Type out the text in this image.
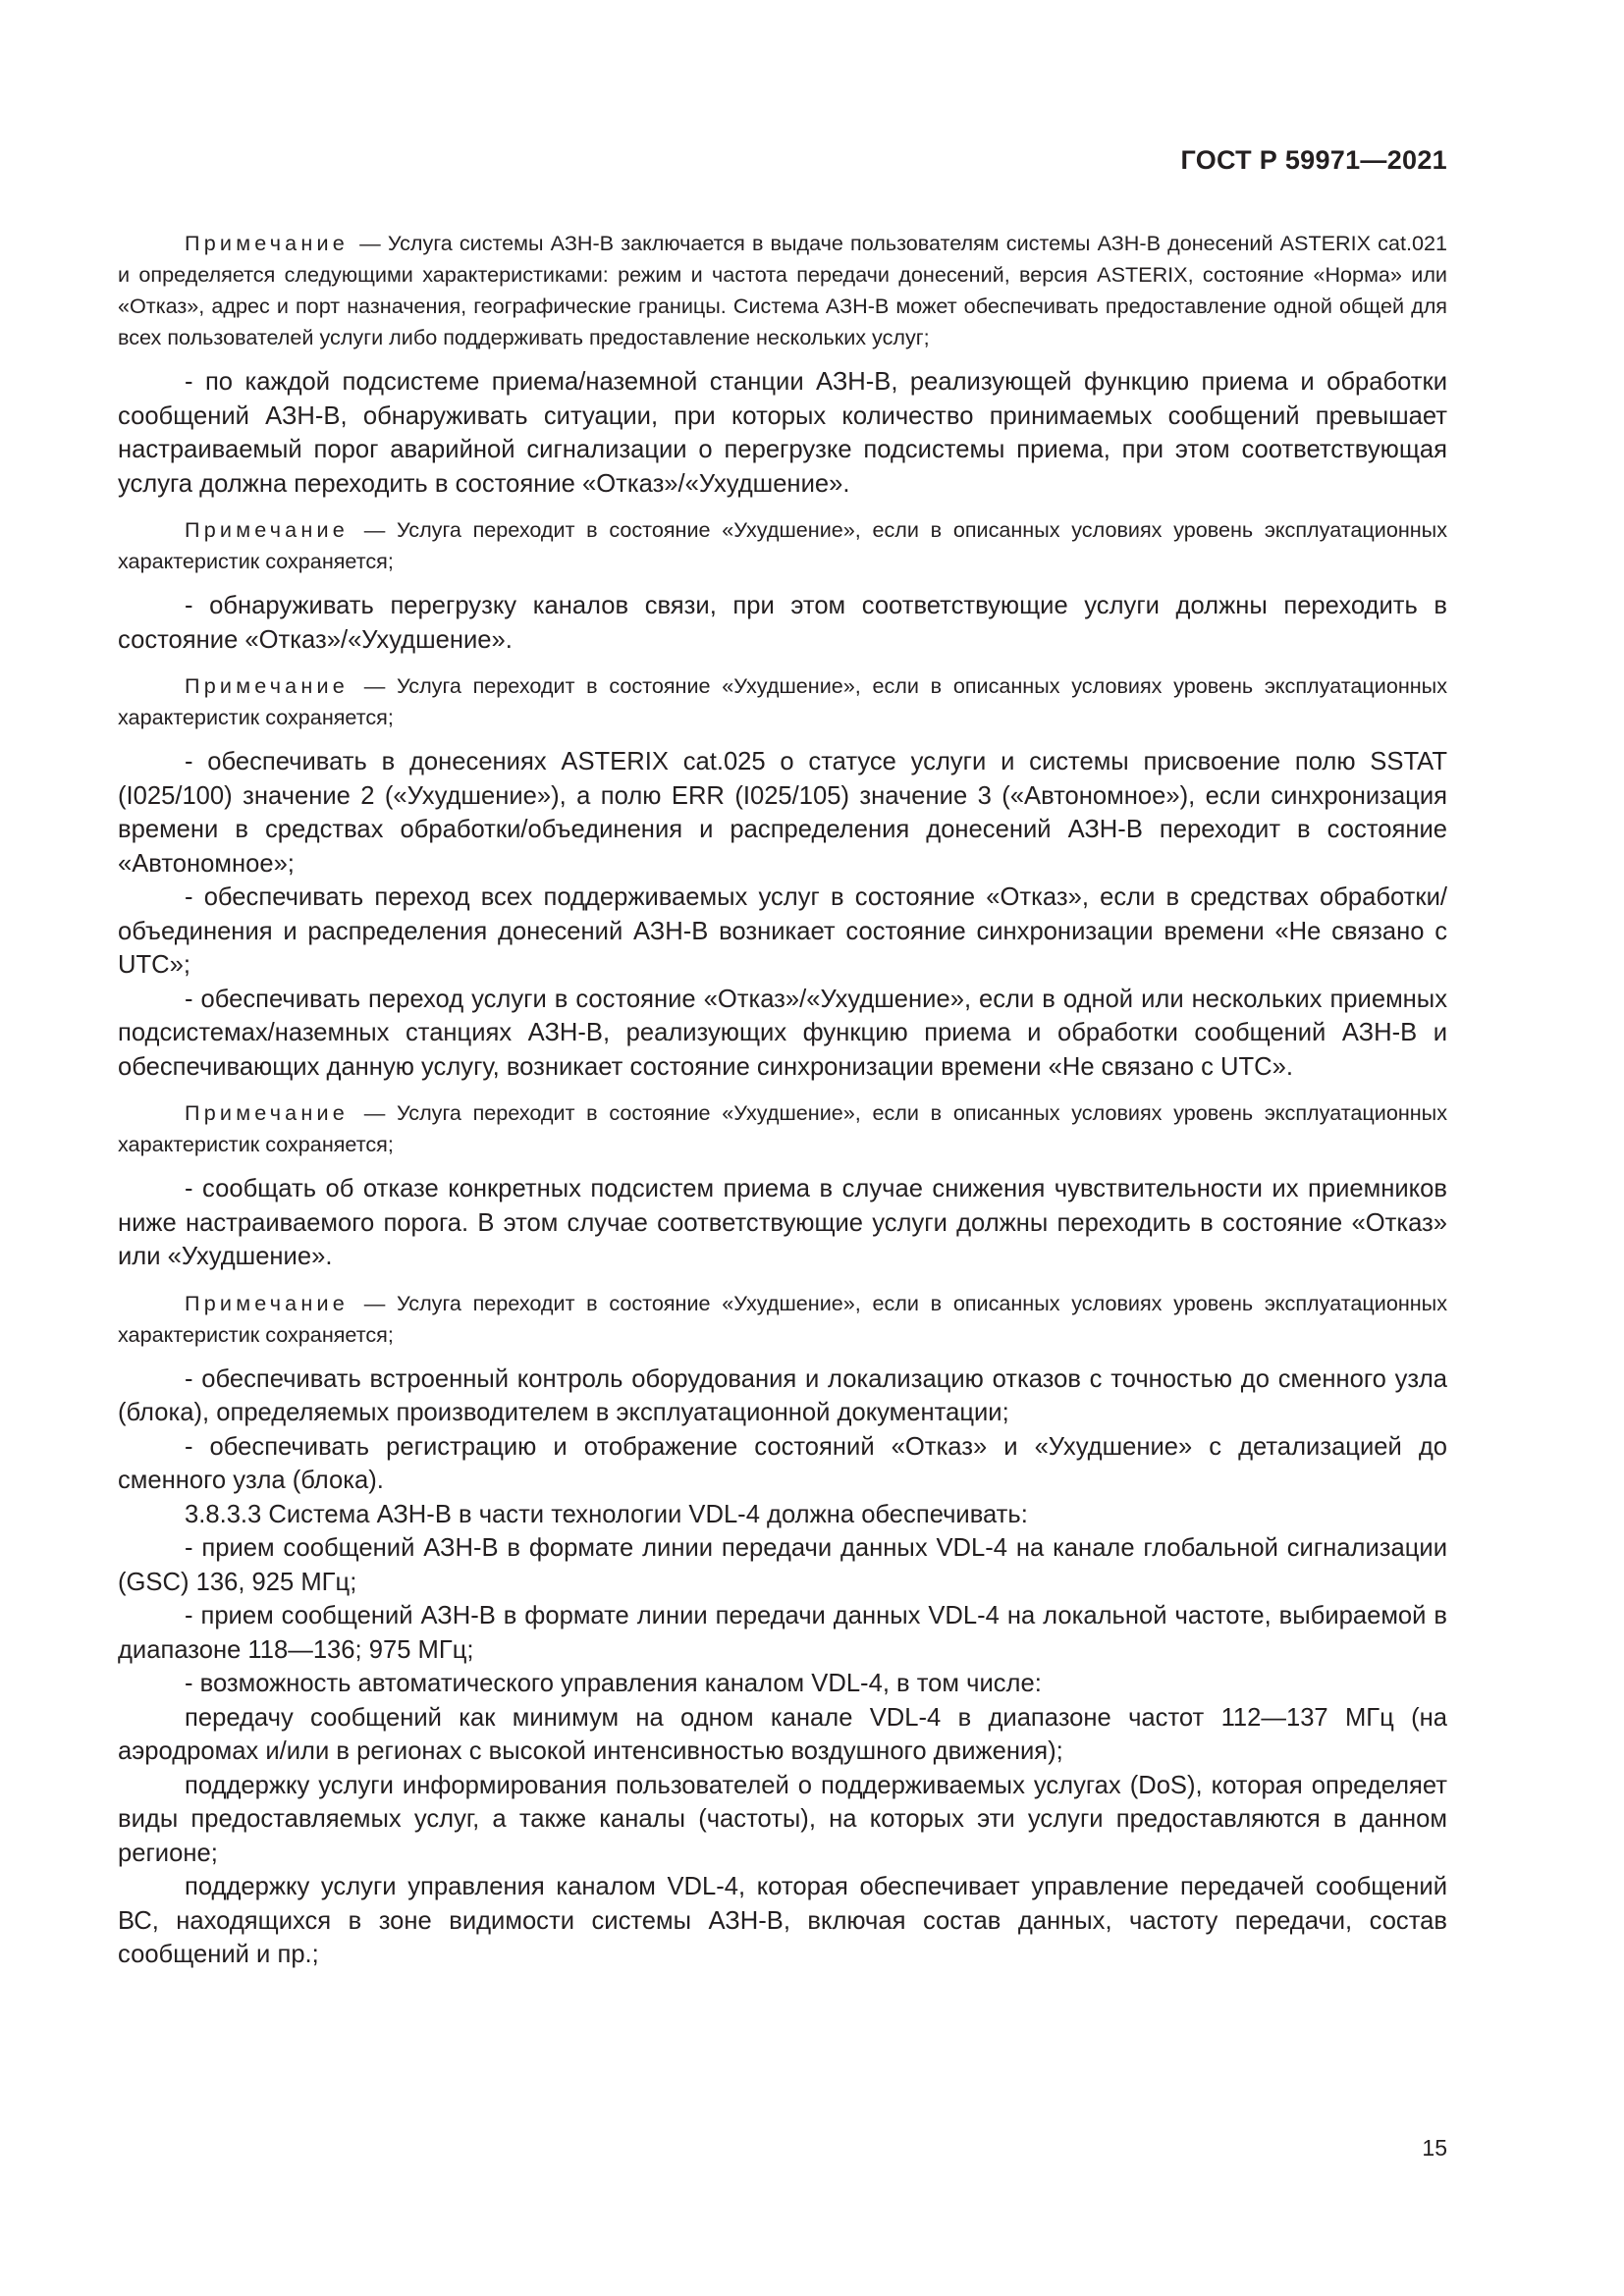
ГОСТ Р 59971—2021

Примечание — Услуга системы АЗН-В заключается в выдаче пользователям системы АЗН-В донесений ASTERIX cat.021 и определяется следующими характеристиками: режим и частота передачи донесений, версия ASTERIX, состояние «Норма» или «Отказ», адрес и порт назначения, географические границы. Система АЗН-В может обеспечивать предоставление одной общей для всех пользователей услуги либо поддерживать предоставление нескольких услуг;

- по каждой подсистеме приема/наземной станции АЗН-В, реализующей функцию приема и обработки сообщений АЗН-В, обнаруживать ситуации, при которых количество принимаемых сообщений превышает настраиваемый порог аварийной сигнализации о перегрузке подсистемы приема, при этом соответствующая услуга должна переходить в состояние «Отказ»/«Ухудшение».

Примечание — Услуга переходит в состояние «Ухудшение», если в описанных условиях уровень эксплуатационных характеристик сохраняется;

- обнаруживать перегрузку каналов связи, при этом соответствующие услуги должны переходить в состояние «Отказ»/«Ухудшение».

Примечание — Услуга переходит в состояние «Ухудшение», если в описанных условиях уровень эксплуатационных характеристик сохраняется;

- обеспечивать в донесениях ASTERIX cat.025 о статусе услуги и системы присвоение полю SSTAT (I025/100) значение 2 («Ухудшение»), а полю ERR (I025/105) значение 3 («Автономное»), если синхронизация времени в средствах обработки/объединения и распределения донесений АЗН-В переходит в состояние «Автономное»;

- обеспечивать переход всех поддерживаемых услуг в состояние «Отказ», если в средствах обработки/объединения и распределения донесений АЗН-В возникает состояние синхронизации времени «Не связано с UTC»;

- обеспечивать переход услуги в состояние «Отказ»/«Ухудшение», если в одной или нескольких приемных подсистемах/наземных станциях АЗН-В, реализующих функцию приема и обработки сообщений АЗН-В и обеспечивающих данную услугу, возникает состояние синхронизации времени «Не связано с UTC».

Примечание — Услуга переходит в состояние «Ухудшение», если в описанных условиях уровень эксплуатационных характеристик сохраняется;

- сообщать об отказе конкретных подсистем приема в случае снижения чувствительности их приемников ниже настраиваемого порога. В этом случае соответствующие услуги должны переходить в состояние «Отказ» или «Ухудшение».

Примечание — Услуга переходит в состояние «Ухудшение», если в описанных условиях уровень эксплуатационных характеристик сохраняется;

- обеспечивать встроенный контроль оборудования и локализацию отказов с точностью до сменного узла (блока), определяемых производителем в эксплуатационной документации;

- обеспечивать регистрацию и отображение состояний «Отказ» и «Ухудшение» с детализацией до сменного узла (блока).

3.8.3.3 Система АЗН-В в части технологии VDL-4 должна обеспечивать:

- прием сообщений АЗН-В в формате линии передачи данных VDL-4 на канале глобальной сигнализации (GSC) 136, 925 МГц;

- прием сообщений АЗН-В в формате линии передачи данных VDL-4 на локальной частоте, выбираемой в диапазоне 118—136; 975 МГц;

- возможность автоматического управления каналом VDL-4, в том числе:

передачу сообщений как минимум на одном канале VDL-4 в диапазоне частот 112—137 МГц (на аэродромах и/или в регионах с высокой интенсивностью воздушного движения);

поддержку услуги информирования пользователей о поддерживаемых услугах (DoS), которая определяет виды предоставляемых услуг, а также каналы (частоты), на которых эти услуги предоставляются в данном регионе;

поддержку услуги управления каналом VDL-4, которая обеспечивает управление передачей сообщений ВС, находящихся в зоне видимости системы АЗН-В, включая состав данных, частоту передачи, состав сообщений и пр.;

15
